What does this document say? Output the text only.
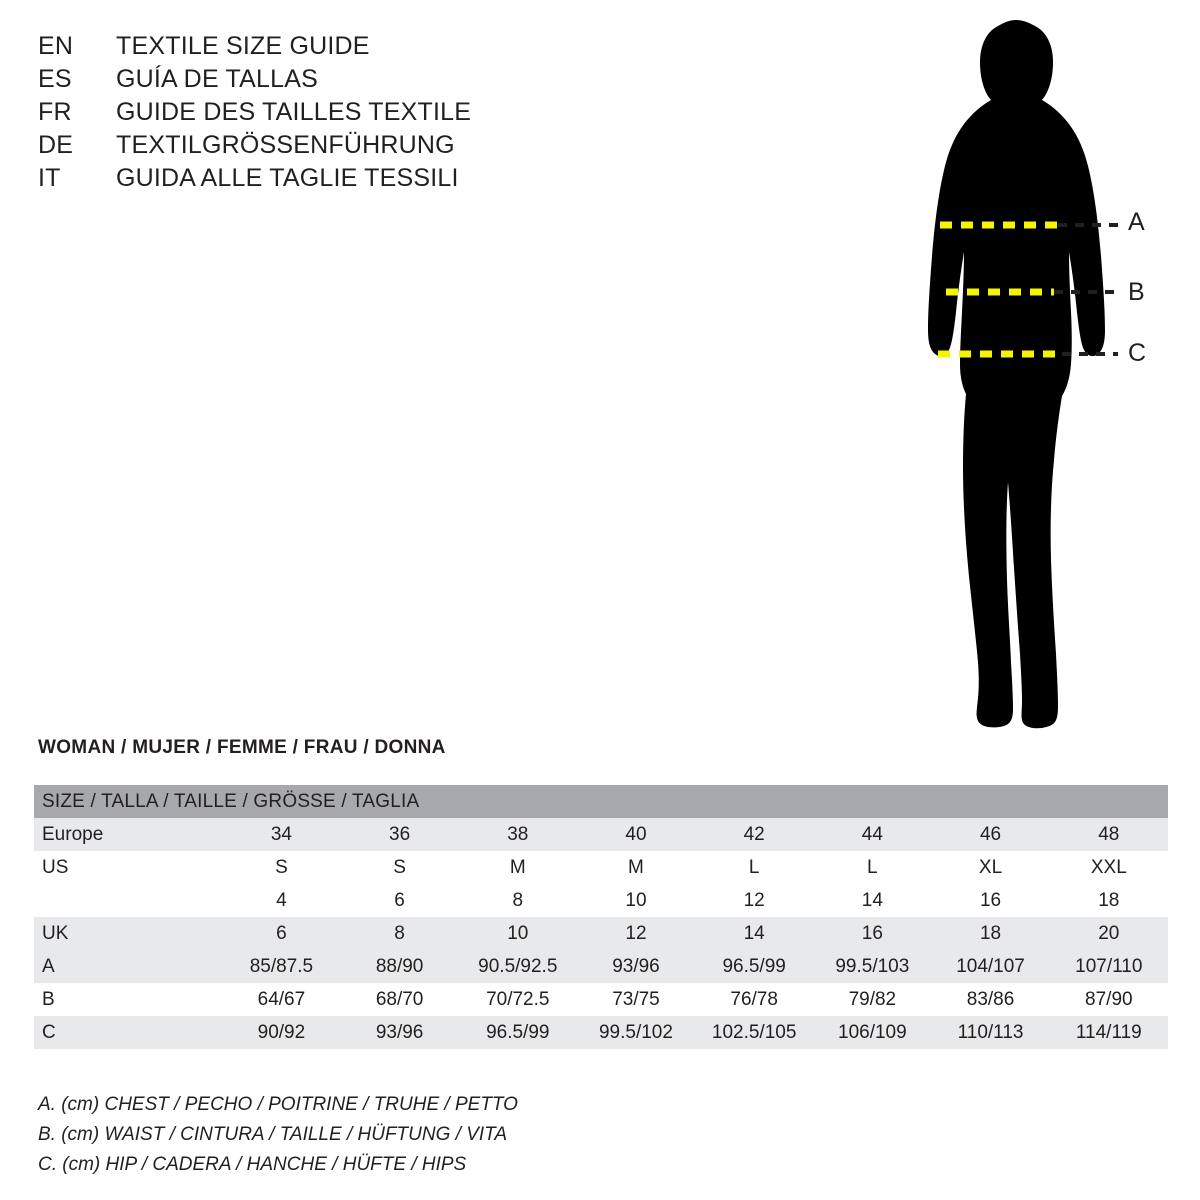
EN	TEXTILE SIZE GUIDE
ES	GUÍA DE TALLAS
FR	GUIDE DES TAILLES TEXTILE
DE	TEXTILGRÖSSENFÜHRUNG
IT	GUIDA ALLE TAGLIE TESSILI
A
B
C
WOMAN / MUJER / FEMME / FRAU / DONNA
SIZE / TALLA / TAILLE / GRÖSSE / TAGLIA								
Europe	34	36	38	40	42	44	46	48
US	S	S	M	M	L	L	XL	XXL
	4	6	8	10	12	14	16	18
UK	6	8	10	12	14	16	18	20
A	85/87.5	88/90	90.5/92.5	93/96	96.5/99	99.5/103	104/107	107/110
B	64/67	68/70	70/72.5	73/75	76/78	79/82	83/86	87/90
C	90/92	93/96	96.5/99	99.5/102	102.5/105	106/109	110/113	114/119
A. (cm) CHEST / PECHO / POITRINE / TRUHE / PETTO
B. (cm) WAIST / CINTURA / TAILLE / HÜFTUNG / VITA
C. (cm) HIP / CADERA / HANCHE / HÜFTE / HIPS
